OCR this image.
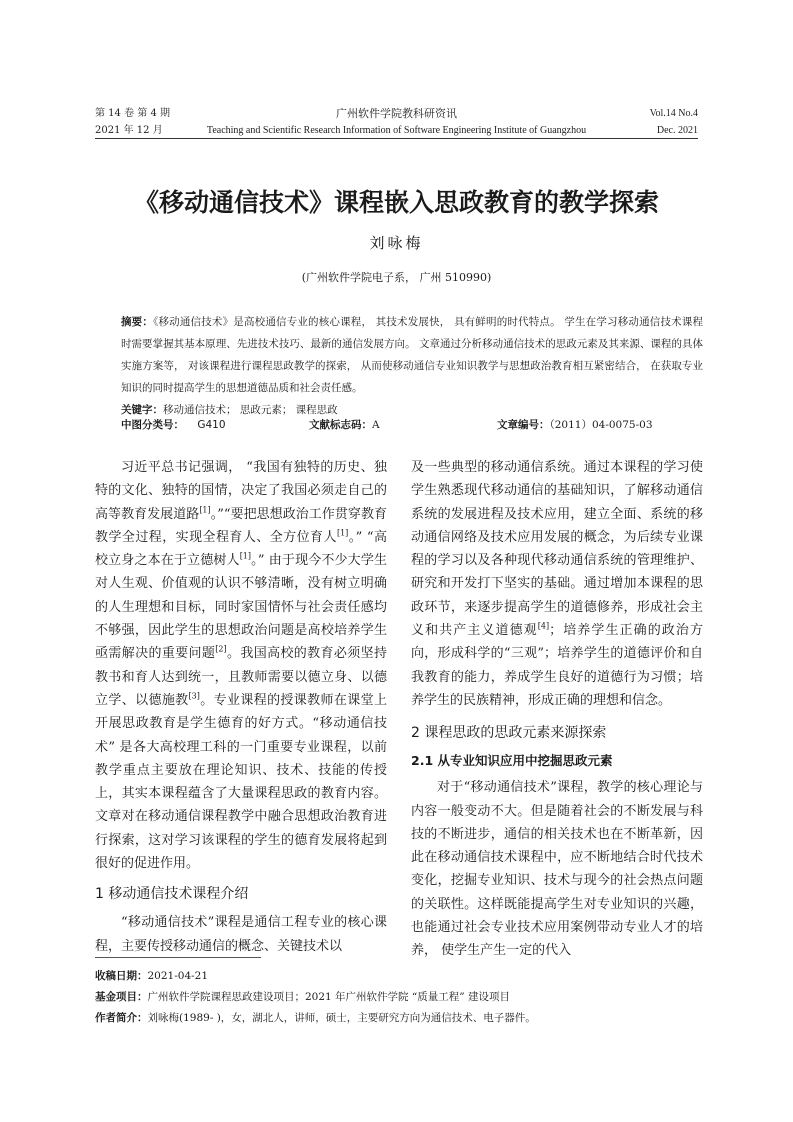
第 14 卷 第 4 期
2021 年 12 月
广州软件学院教科研资讯
Teaching and Scientific Research Information of Software Engineering Institute of Guangzhou
Vol.14 No.4
Dec. 2021
《移动通信技术》课程嵌入思政教育的教学探索
刘咏梅
(广州软件学院电子系， 广州 510990)
摘要：《移动通信技术》是高校通信专业的核心课程， 其技术发展快， 具有鲜明的时代特点。 学生在学习移动通信技术课程时需要掌握其基本原理、先进技术技巧、最新的通信发展方向。 文章通过分析移动通信技术的思政元素及其来源、课程的具体实施方案等， 对该课程进行课程思政教学的探索， 从而使移动通信专业知识教学与思想政治教育相互紧密结合， 在获取专业知识的同时提高学生的思想道德品质和社会责任感。
关键字：移动通信技术； 思政元素； 课程思政
中图分类号： G410	文献标志码：A	文章编号：（2011）04-0075-03

习近平总书记强调， “我国有独特的历史、独特的文化、独特的国情，决定了我国必须走自己的高等教育发展道路[1]。”“要把思想政治工作贯穿教育教学全过程，实现全程育人、全方位育人[1]。” “高校立身之本在于立德树人[1]。” 由于现今不少大学生对人生观、价值观的认识不够清晰，没有树立明确的人生理想和目标，同时家国情怀与社会责任感均不够强，因此学生的思想政治问题是高校培养学生亟需解决的重要问题[2]。我国高校的教育必须坚持教书和育人达到统一，且教师需要以德立身、以德立学、以德施教[3]。专业课程的授课教师在课堂上开展思政教育是学生德育的好方式。“移动通信技术” 是各大高校理工科的一门重要专业课程，以前教学重点主要放在理论知识、技术、技能的传授上，其实本课程蕴含了大量课程思政的教育内容。文章对在移动通信课程教学中融合思想政治教育进行探索，这对学习该课程的学生的德育发展将起到很好的促进作用。

1 移动通信技术课程介绍

“移动通信技术”课程是通信工程专业的核心课程，主要传授移动通信的概念、关键技术以

及一些典型的移动通信系统。通过本课程的学习使学生熟悉现代移动通信的基础知识，了解移动通信系统的发展进程及技术应用，建立全面、系统的移动通信网络及技术应用发展的概念，为后续专业课程的学习以及各种现代移动通信系统的管理维护、研究和开发打下坚实的基础。通过增加本课程的思政环节，来逐步提高学生的道德修养，形成社会主义和共产主义道德观[4]；培养学生正确的政治方向，形成科学的“三观”；培养学生的道德评价和自我教育的能力，养成学生良好的道德行为习惯；培养学生的民族精神，形成正确的理想和信念。

2 课程思政的思政元素来源探索

2.1 从专业知识应用中挖掘思政元素

对于“移动通信技术”课程，教学的核心理论与内容一般变动不大。但是随着社会的不断发展与科技的不断进步，通信的相关技术也在不断革新，因此在移动通信技术课程中，应不断地结合时代技术变化，挖掘专业知识、技术与现今的社会热点问题的关联性。这样既能提高学生对专业知识的兴趣，也能通过社会专业技术应用案例带动专业人才的培养， 使学生产生一定的代入

收稿日期：2021-04-21
基金项目：广州软件学院课程思政建设项目；2021 年广州软件学院 “质量工程” 建设项目
作者简介：刘咏梅(1989- )，女，湖北人，讲师，硕士，主要研究方向为通信技术、电子器件。
